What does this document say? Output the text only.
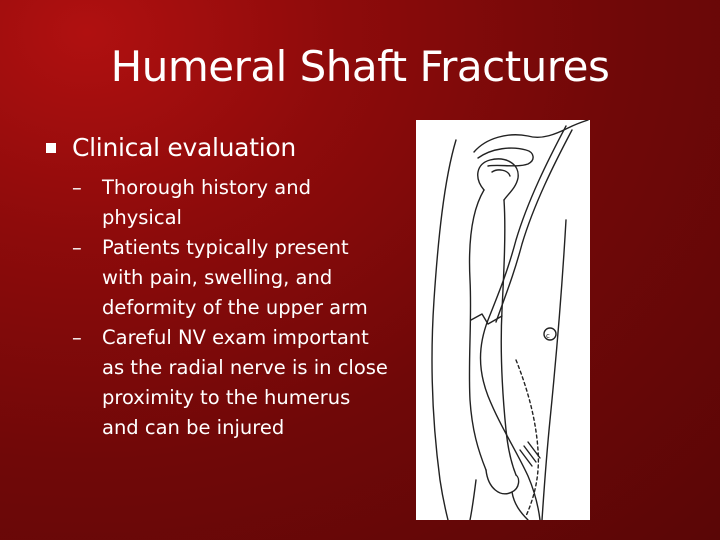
Humeral Shaft Fractures
Clinical evaluation
– Thorough history and physical
– Patients typically present with pain, swelling, and deformity of the upper arm
– Careful NV exam important as the radial nerve is in close proximity to the humerus and can be injured
c
